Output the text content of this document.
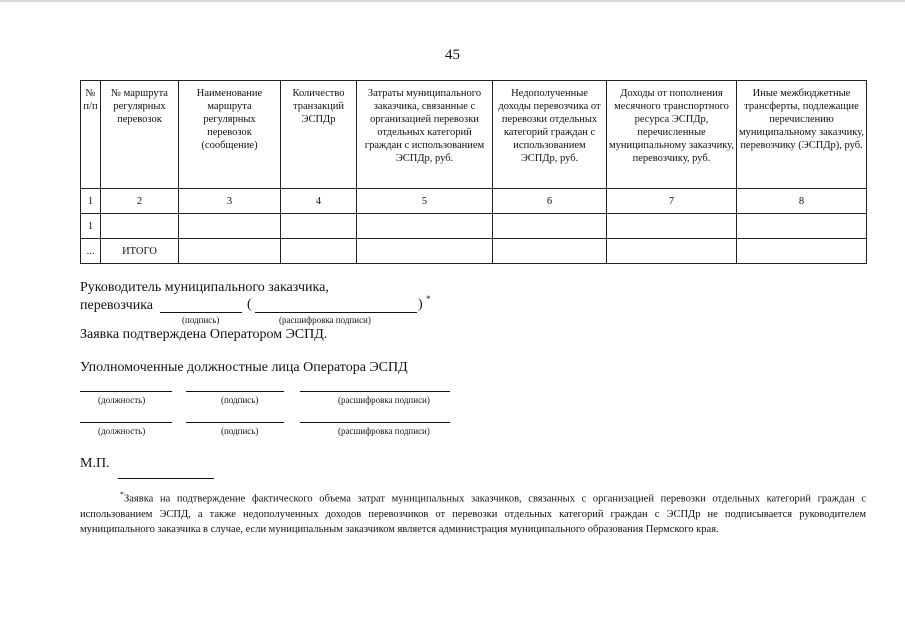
45
№ п/п	№ маршрута регулярных перевозок	Наименование маршрута регулярных перевозок (сообщение)	Количество транзакций ЭСПДр	Затраты муниципального заказчика, связанные с организацией перевозки отдельных категорий граждан с использованием ЭСПДр, руб.	Недополученные доходы перевозчика от перевозки отдельных категорий граждан с использованием ЭСПДр, руб.	Доходы от пополнения месячного транспортного ресурса ЭСПДр, перечисленные муниципальному заказчику, перевозчику, руб.	Иные межбюджетные трансферты, подлежащие перечислению муниципальному заказчику, перевозчику (ЭСПДр), руб.
1	2	3	4	5	6	7	8
1							
...	ИТОГО						
Руководитель муниципального заказчика,
перевозчика	(	) *
(подпись)	(расшифровка подписи)
Заявка подтверждена Оператором ЭСПД.
Уполномоченные должностные лица Оператора ЭСПД
(должность)	(подпись)	(расшифровка подписи)
(должность)	(подпись)	(расшифровка подписи)
М.П.
*Заявка на подтверждение фактического объема затрат муниципальных заказчиков, связанных с организацией перевозки отдельных категорий граждан с использованием ЭСПД, а также недополученных доходов перевозчиков от перевозки отдельных категорий граждан с ЭСПДр не подписывается руководителем муниципального заказчика в случае, если муниципальным заказчиком является администрация муниципального образования Пермского края.
